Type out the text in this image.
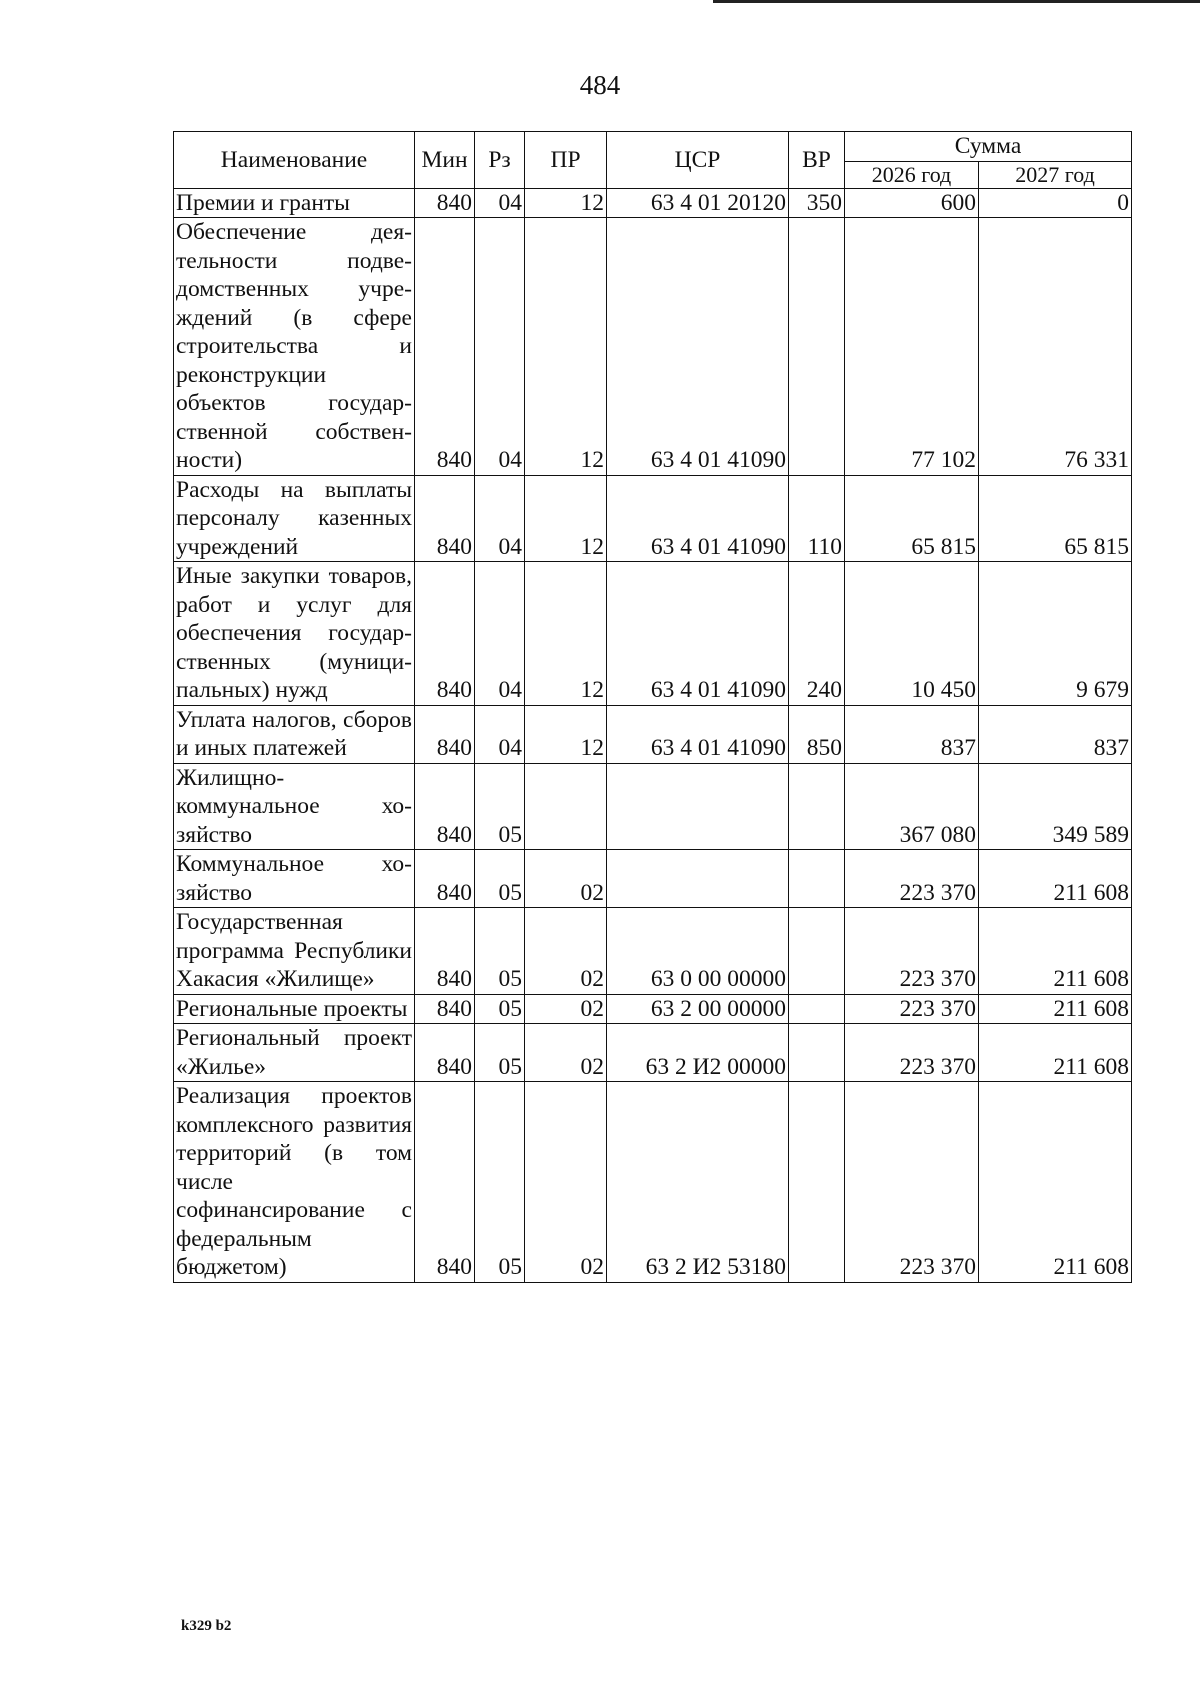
484
Наименование	Мин	Рз	ПР	ЦСР	ВР	Сумма	
						2026 год	2027 год
Премии и гранты	840	04	12	63 4 01 20120	350	600	0
Обеспечение деятельности подведомственных учреждений (в сфере строительства и реконструкции объектов государственной собственности)	840	04	12	63 4 01 41090		77 102	76 331
Расходы на выплаты персоналу казенных учреждений	840	04	12	63 4 01 41090	110	65 815	65 815
Иные закупки товаров, работ и услуг для обеспечения государственных (муниципальных) нужд	840	04	12	63 4 01 41090	240	10 450	9 679
Уплата налогов, сборов и иных платежей	840	04	12	63 4 01 41090	850	837	837
Жилищно-коммунальное хозяйство	840	05				367 080	349 589
Коммунальное хозяйство	840	05	02			223 370	211 608
Государственная программа Республики Хакасия «Жилище»	840	05	02	63 0 00 00000		223 370	211 608
Региональные проекты	840	05	02	63 2 00 00000		223 370	211 608
Региональный проект «Жилье»	840	05	02	63 2 И2 00000		223 370	211 608
Реализация проектов комплексного развития территорий (в том числе софинансирование с федеральным бюджетом)	840	05	02	63 2 И2 53180		223 370	211 608
k329 b2
